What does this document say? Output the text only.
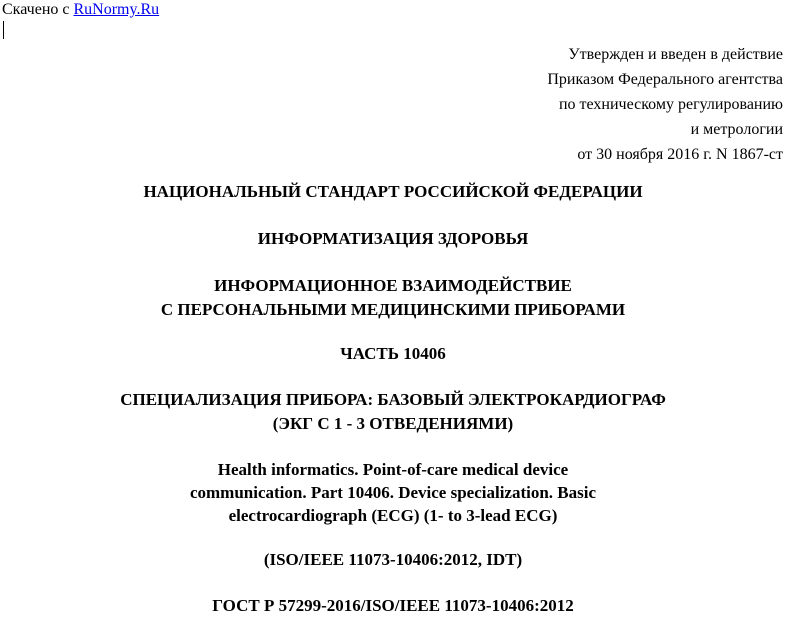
Скачено с RuNormy.Ru
Утвержден и введен в действие
Приказом Федерального агентства
по техническому регулированию
и метрологии
от 30 ноября 2016 г. N 1867-ст
НАЦИОНАЛЬНЫЙ СТАНДАРТ РОССИЙСКОЙ ФЕДЕРАЦИИ
ИНФОРМАТИЗАЦИЯ ЗДОРОВЬЯ
ИНФОРМАЦИОННОЕ ВЗАИМОДЕЙСТВИЕ
С ПЕРСОНАЛЬНЫМИ МЕДИЦИНСКИМИ ПРИБОРАМИ
ЧАСТЬ 10406
СПЕЦИАЛИЗАЦИЯ ПРИБОРА: БАЗОВЫЙ ЭЛЕКТРОКАРДИОГРАФ
(ЭКГ С 1 - 3 ОТВЕДЕНИЯМИ)
Health informatics. Point-of-care medical device
communication. Part 10406. Device specialization. Basic
electrocardiograph (ECG) (1- to 3-lead ECG)
(ISO/IEEE 11073-10406:2012, IDT)
ГОСТ Р 57299-2016/ISO/IEEE 11073-10406:2012
